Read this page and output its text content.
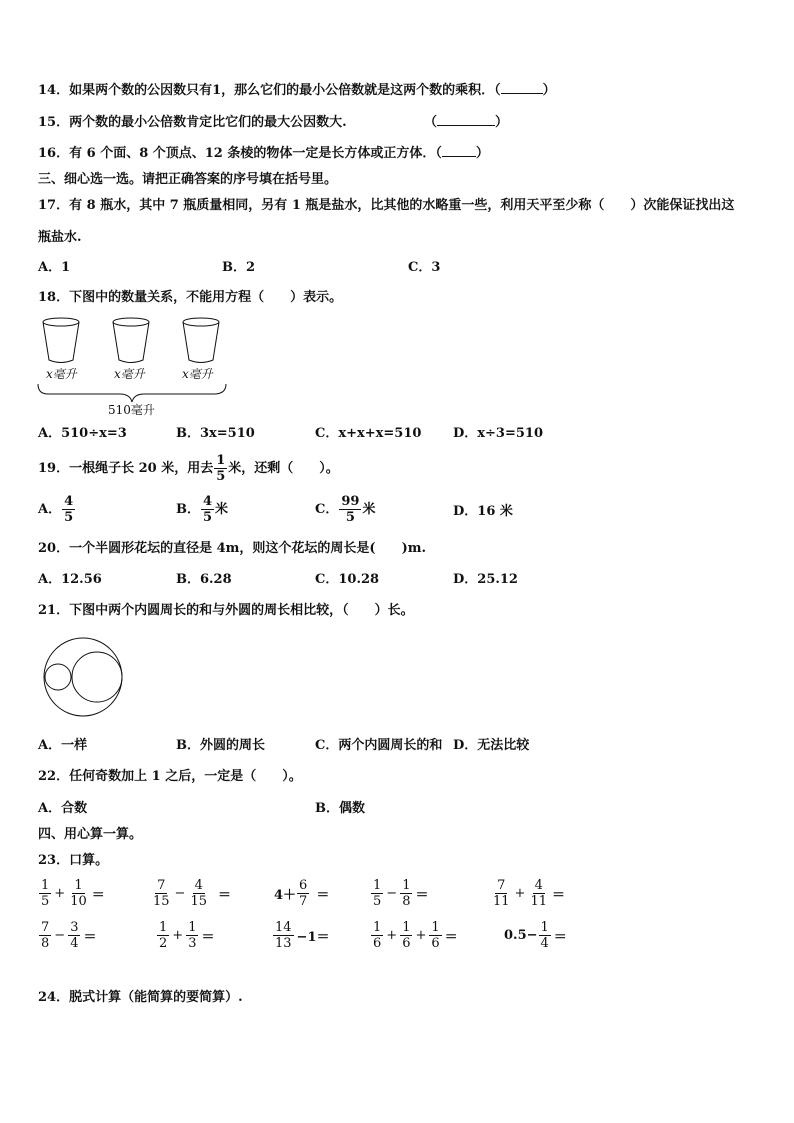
14．如果两个数的公因数只有1，那么它们的最小公倍数就是这两个数的乘积．（	）
15．两个数的最小公倍数肯定比它们的最大公因数大.	（	）
16．有 6 个面、8 个顶点、12 条棱的物体一定是长方体或正方体．（	）
三、细心选一选。请把正确答案的序号填在括号里。
17．有 8 瓶水，其中 7 瓶质量相同，另有 1 瓶是盐水，比其他的水略重一些，利用天平至少称（　　）次能保证找出这
瓶盐水.
A．1	B．2	C．3
18．下图中的数量关系，不能用方程（　　）表示。
x毫升	x毫升	x毫升
510毫升
A．510÷x=3	B．3x=510	C．x+x+x=510 D．x÷3=510
19． 一根绳子长 20 米，用去 $\frac{1}{5}$ 米，还剩（　　）。
A． $\frac{4}{5}$	B． $\frac{4}{5}$ 米	C． $\frac{99}{5}$ 米	D．16 米
20．一个半圆形花坛的直径是 4m，则这个花坛的周长是(　　)m.
A．12.56	B．6.28	C．10.28	D．25.12
21．下图中两个内圆周长的和与外圆的周长相比较，（　　）长。
A．一样	B．外圆的周长	C．两个内圆周长的和 D．无法比较
22．任何奇数加上 1 之后，一定是（　　）。
A．合数	B．偶数
四、用心算一算。
23．口算。
$\frac{1}{5} + \frac{1}{10}$ ＝	$\frac{7}{15} - \frac{4}{15}$ ＝	$4+ \frac{6}{7}$ ＝	$\frac{1}{5} - \frac{1}{8}$ ＝	$\frac{7}{11} + \frac{4}{11}$ ＝
$\frac{7}{8} - \frac{3}{4}$ ＝	$\frac{1}{2} + \frac{1}{3}$ ＝	$\frac{14}{13} -1=$	$\frac{1}{6} + \frac{1}{6} + \frac{1}{6}$ ＝	$0.5- \frac{1}{4}$ ＝
24．脱式计算（能简算的要简算）.
